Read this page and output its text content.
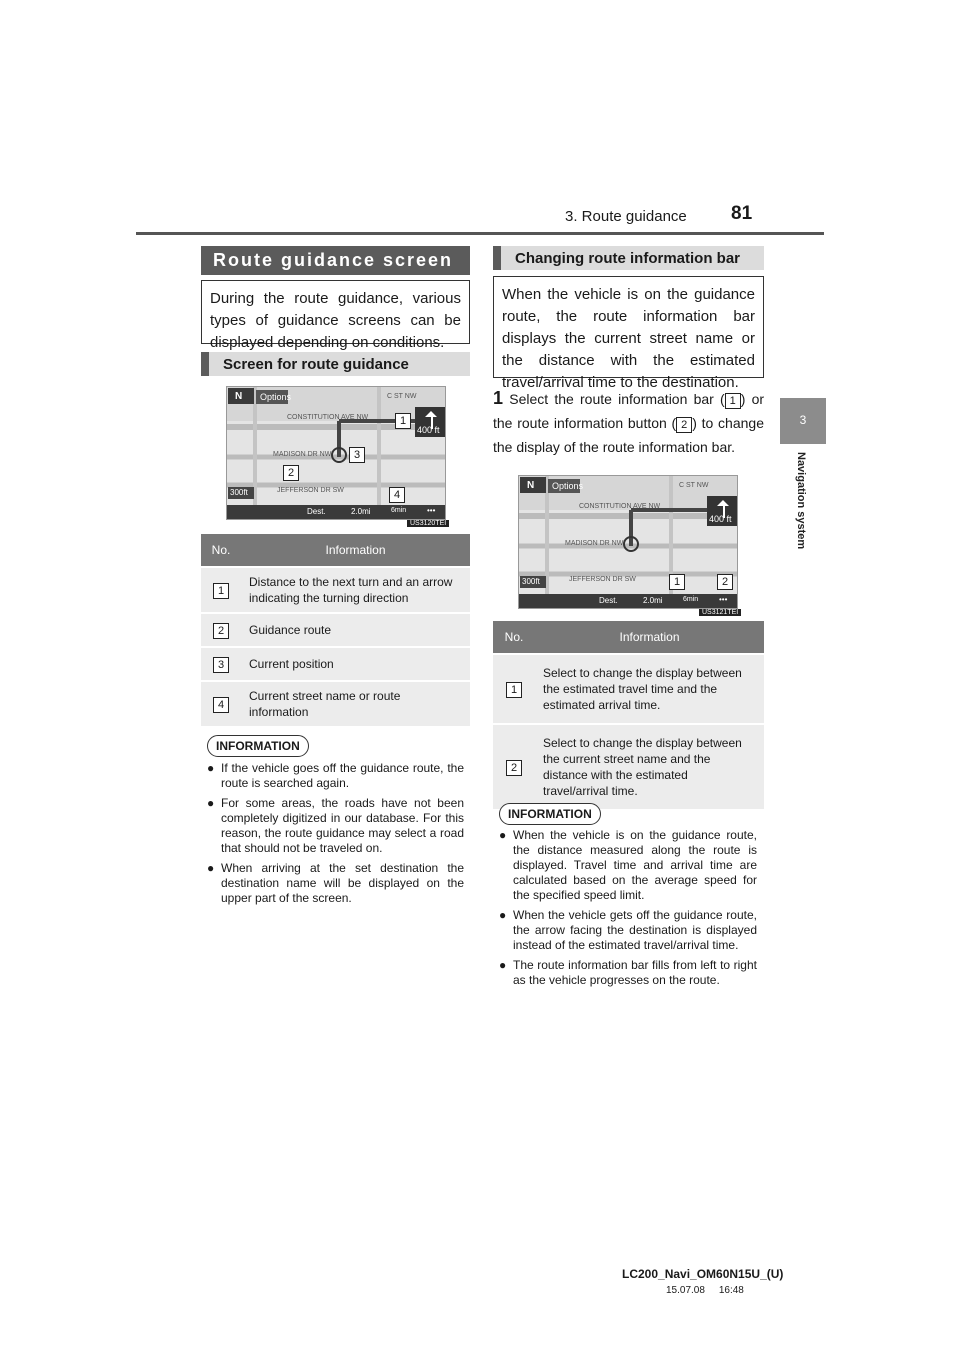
3. Route guidance 81
3
Navigation system
Route guidance screen
During the route guidance, various types of guidance screens can be displayed depending on conditions.
Screen for route guidance
N Options
400 ft
300ft
CONSTITUTION AVE NW
MADISON DR NW
JEFFERSON DR SW
C ST NW
Dest.	2.0mi	6min	•••
1
2
3
4
US3120TEI
No.	Information
1	Distance to the next turn and an arrow indicating the turning direction
2	Guidance route
3	Current position
4	Current street name or route information
INFORMATION
● If the vehicle goes off the guidance route, the route is searched again.
● For some areas, the roads have not been completely digitized in our database. For this reason, the route guidance may select a road that should not be traveled on.
● When arriving at the set destination the destination name will be displayed on the upper part of the screen.
Changing route information bar
When the vehicle is on the guidance route, the route information bar displays the current street name or the distance with the estimated travel/arrival time to the destination.
1 Select the route information bar ( 1 ) or the route information button ( 2 ) to change the display of the route information bar.
N Options
400 ft
300ft
CONSTITUTION AVE NW
MADISON DR NW
JEFFERSON DR SW
C ST NW
Dest.	2.0mi	6min	•••
1	2
US3121TEI
No.	Information
1	Select to change the display between the estimated travel time and the estimated arrival time.
2	Select to change the display between the current street name and the distance with the estimated travel/arrival time.
INFORMATION
● When the vehicle is on the guidance route, the distance measured along the route is displayed. Travel time and arrival time are calculated based on the average speed for the specified speed limit.
● When the vehicle gets off the guidance route, the arrow facing the destination is displayed instead of the estimated travel/arrival time.
● The route information bar fills from left to right as the vehicle progresses on the route.
LC200_Navi_OM60N15U_(U)
15.07.08     16:48
